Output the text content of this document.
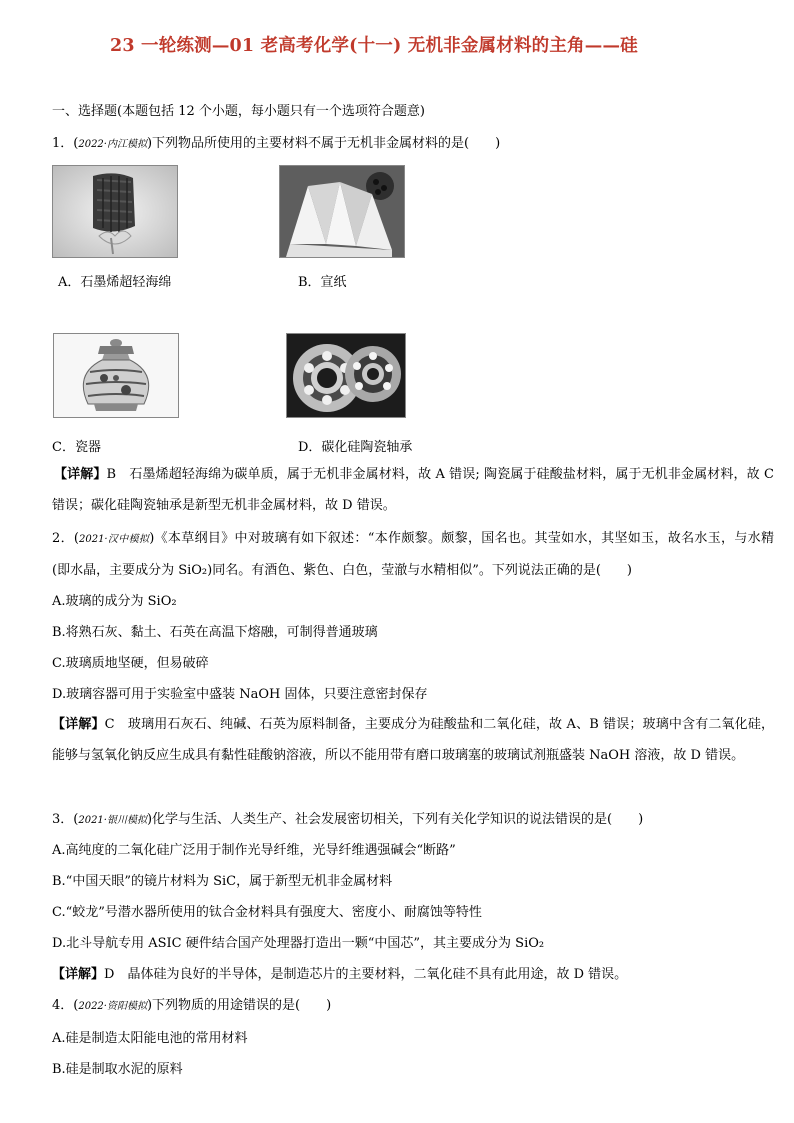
23 一轮练测—01 老高考化学(十一) 无机非金属材料的主角——硅
一、选择题(本题包括 12 个小题，每小题只有一个选项符合题意)
1．(2022·内江模拟)下列物品所使用的主要材料不属于无机非金属材料的是(　　)
A．石墨烯超轻海绵	B．宣纸
C．瓷器	D．碳化硅陶瓷轴承
【详解】B　石墨烯超轻海绵为碳单质，属于无机非金属材料，故 A 错误; 陶瓷属于硅酸盐材料，属于无机非金属材料，故 C 错误；碳化硅陶瓷轴承是新型无机非金属材料，故 D 错误。
2．(2021·汉中模拟)《本草纲目》中对玻璃有如下叙述：“本作颇黎。颇黎，国名也。其莹如水，其坚如玉，故名水玉，与水精(即水晶，主要成分为 SiO₂)同名。有酒色、紫色、白色，莹澈与水精相似”。下列说法正确的是(　　)
A.玻璃的成分为 SiO₂
B.将熟石灰、黏土、石英在高温下熔融，可制得普通玻璃
C.玻璃质地坚硬，但易破碎
D.玻璃容器可用于实验室中盛装 NaOH 固体，只要注意密封保存
【详解】C　玻璃用石灰石、纯碱、石英为原料制备，主要成分为硅酸盐和二氧化硅，故 A、B 错误；玻璃中含有二氧化硅，能够与氢氧化钠反应生成具有黏性硅酸钠溶液，所以不能用带有磨口玻璃塞的玻璃试剂瓶盛装 NaOH 溶液，故 D 错误。
3．(2021·银川模拟)化学与生活、人类生产、社会发展密切相关，下列有关化学知识的说法错误的是(　　)
A.高纯度的二氧化硅广泛用于制作光导纤维，光导纤维遇强碱会“断路”
B.“中国天眼”的镜片材料为 SiC，属于新型无机非金属材料
C.“蛟龙”号潜水器所使用的钛合金材料具有强度大、密度小、耐腐蚀等特性
D.北斗导航专用 ASIC 硬件结合国产处理器打造出一颗“中国芯”，其主要成分为 SiO₂
【详解】D　晶体硅为良好的半导体，是制造芯片的主要材料，二氧化硅不具有此用途，故 D 错误。
4．(2022·资阳模拟)下列物质的用途错误的是(　　)
A.硅是制造太阳能电池的常用材料
B.硅是制取水泥的原料
